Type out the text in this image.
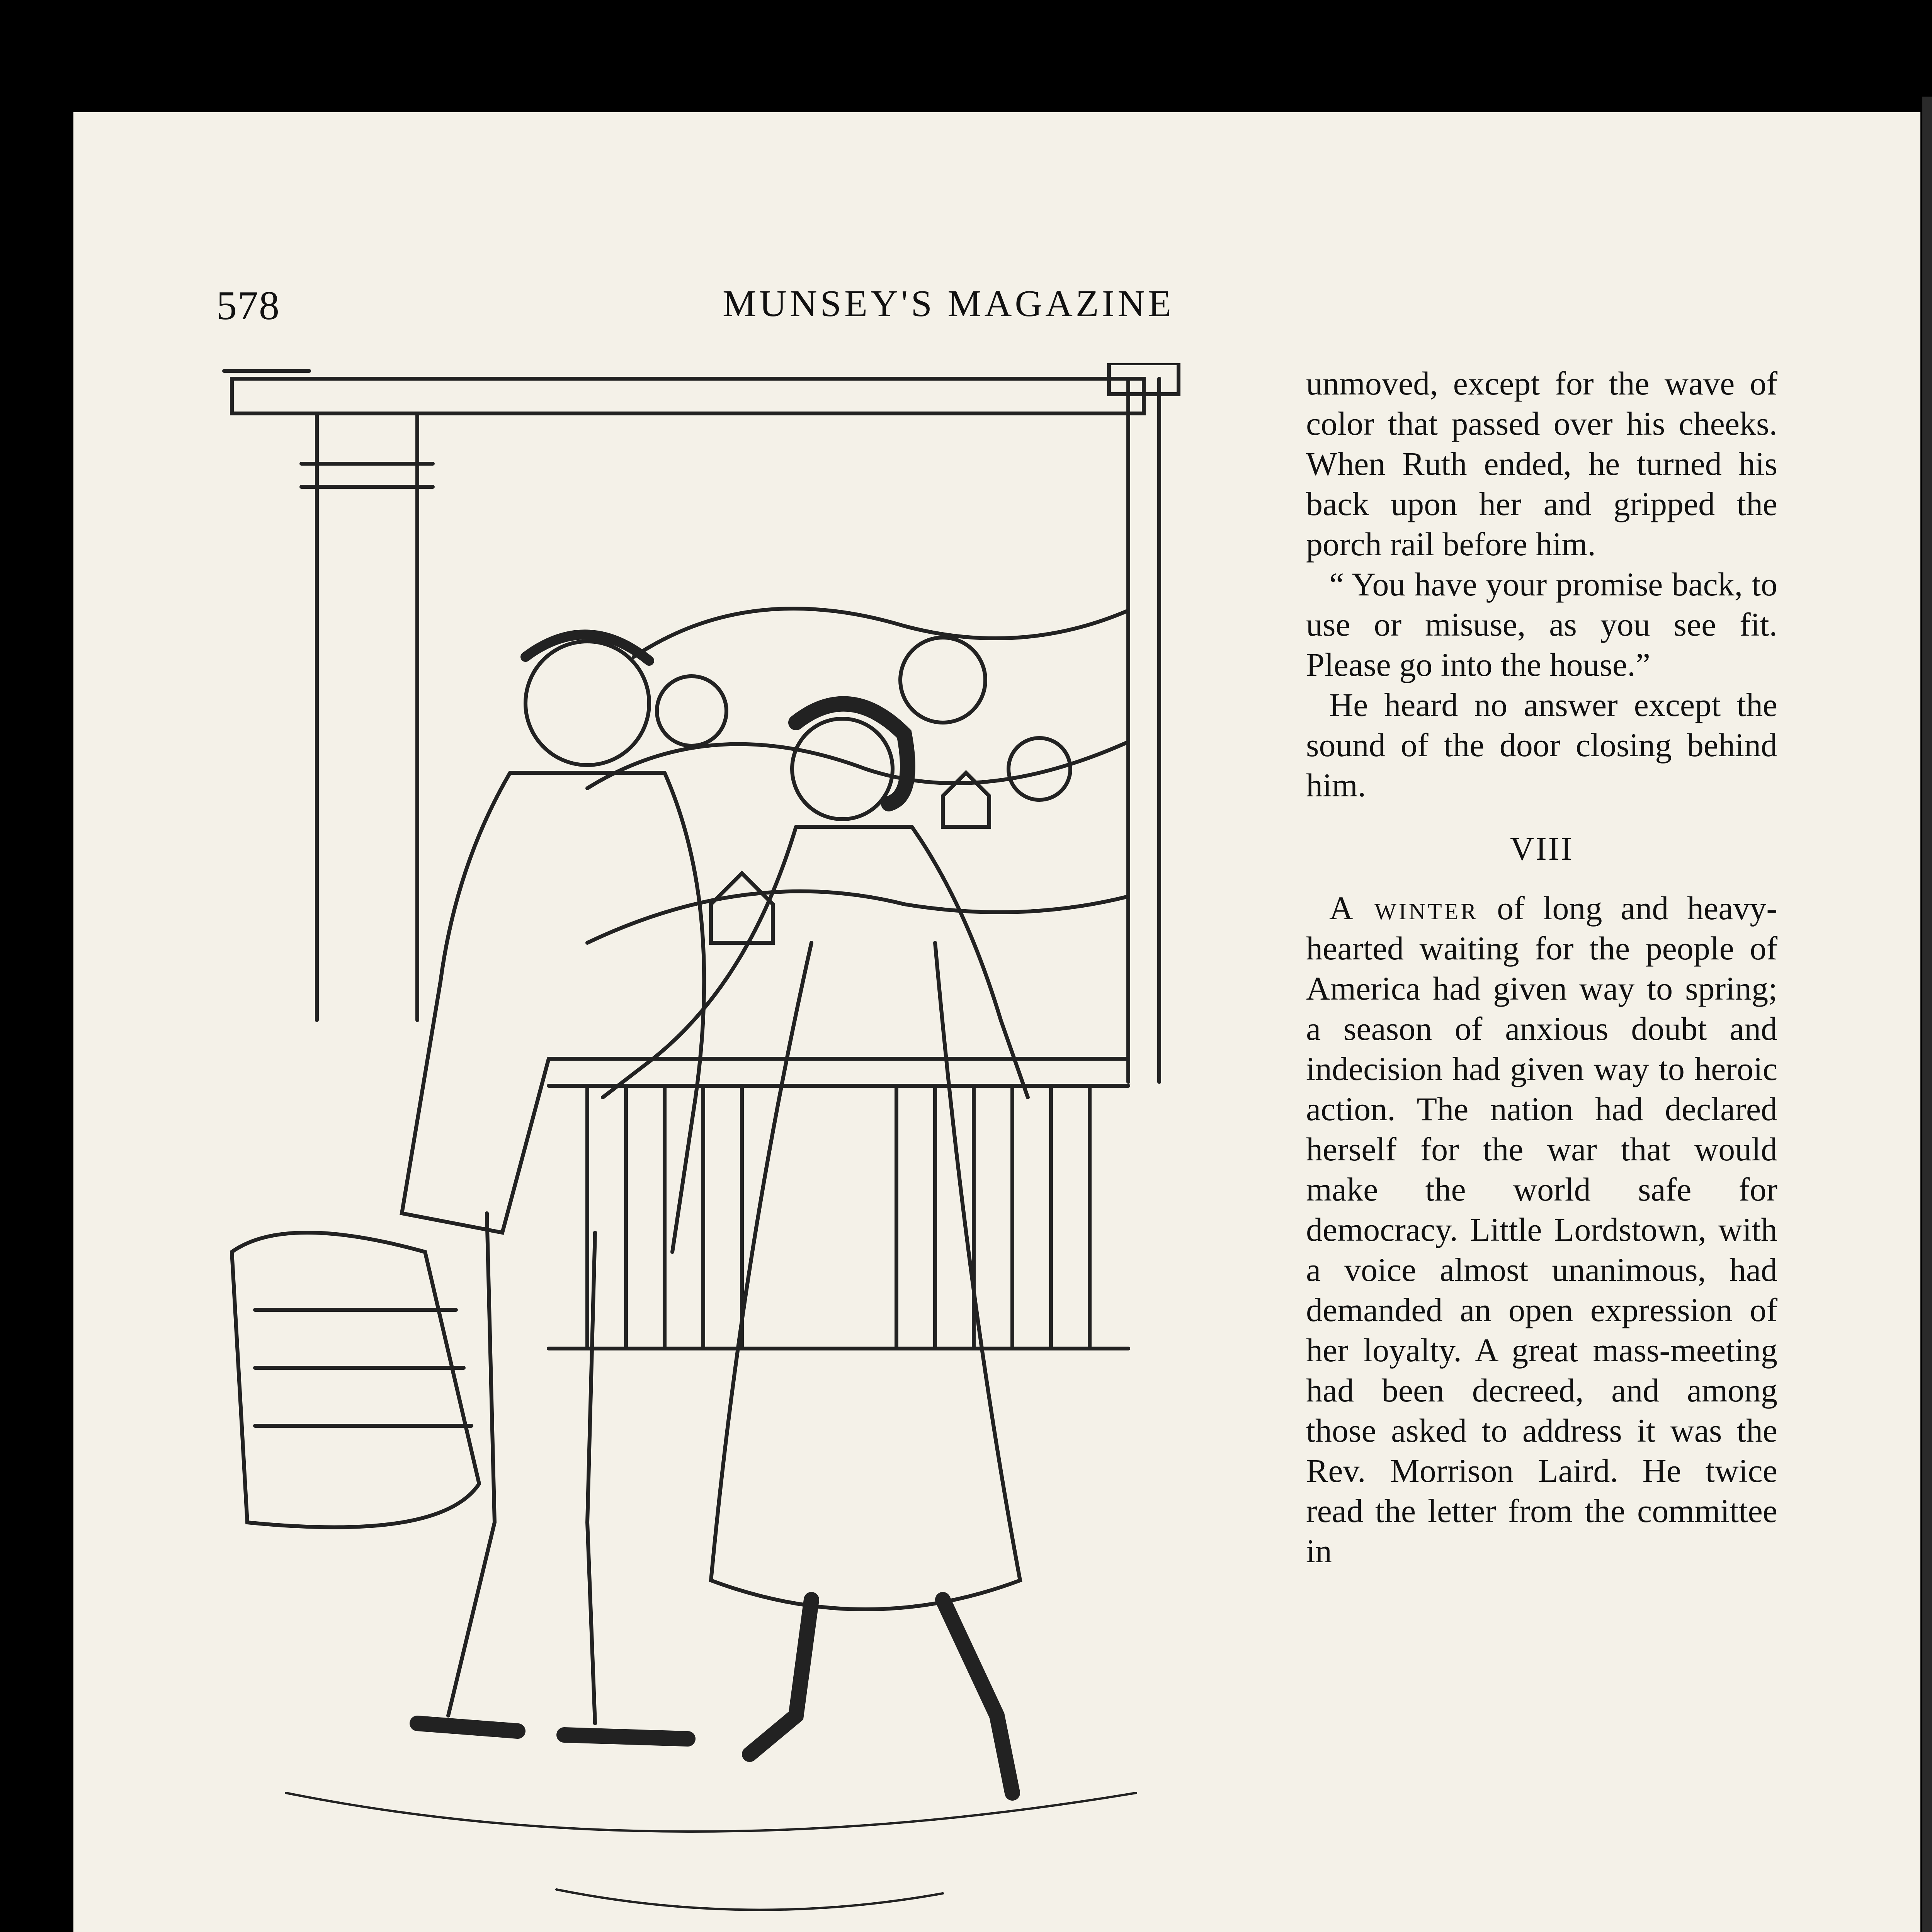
578	MUNSEY'S MAGAZINE

unmoved, except for the wave of color that passed over his cheeks. When Ruth ended, he turned his back upon her and gripped the porch rail before him.

“ You have your promise back, to use or misuse, as you see fit. Please go into the house.”

He heard no answer except the sound of the door closing behind him.

VIII

A winter of long and heavy-hearted waiting for the people of America had given way to spring; a season of anxious doubt and indecision had given way to heroic action. The nation had declared herself for the war that would make the world safe for democracy. Little Lordstown, with a voice almost unanimous, had demanded an open expression of her loyalty. A great mass-meeting had been decreed, and among those asked to address it was the Rev. Morrison Laird. He twice read the letter from the committee in
